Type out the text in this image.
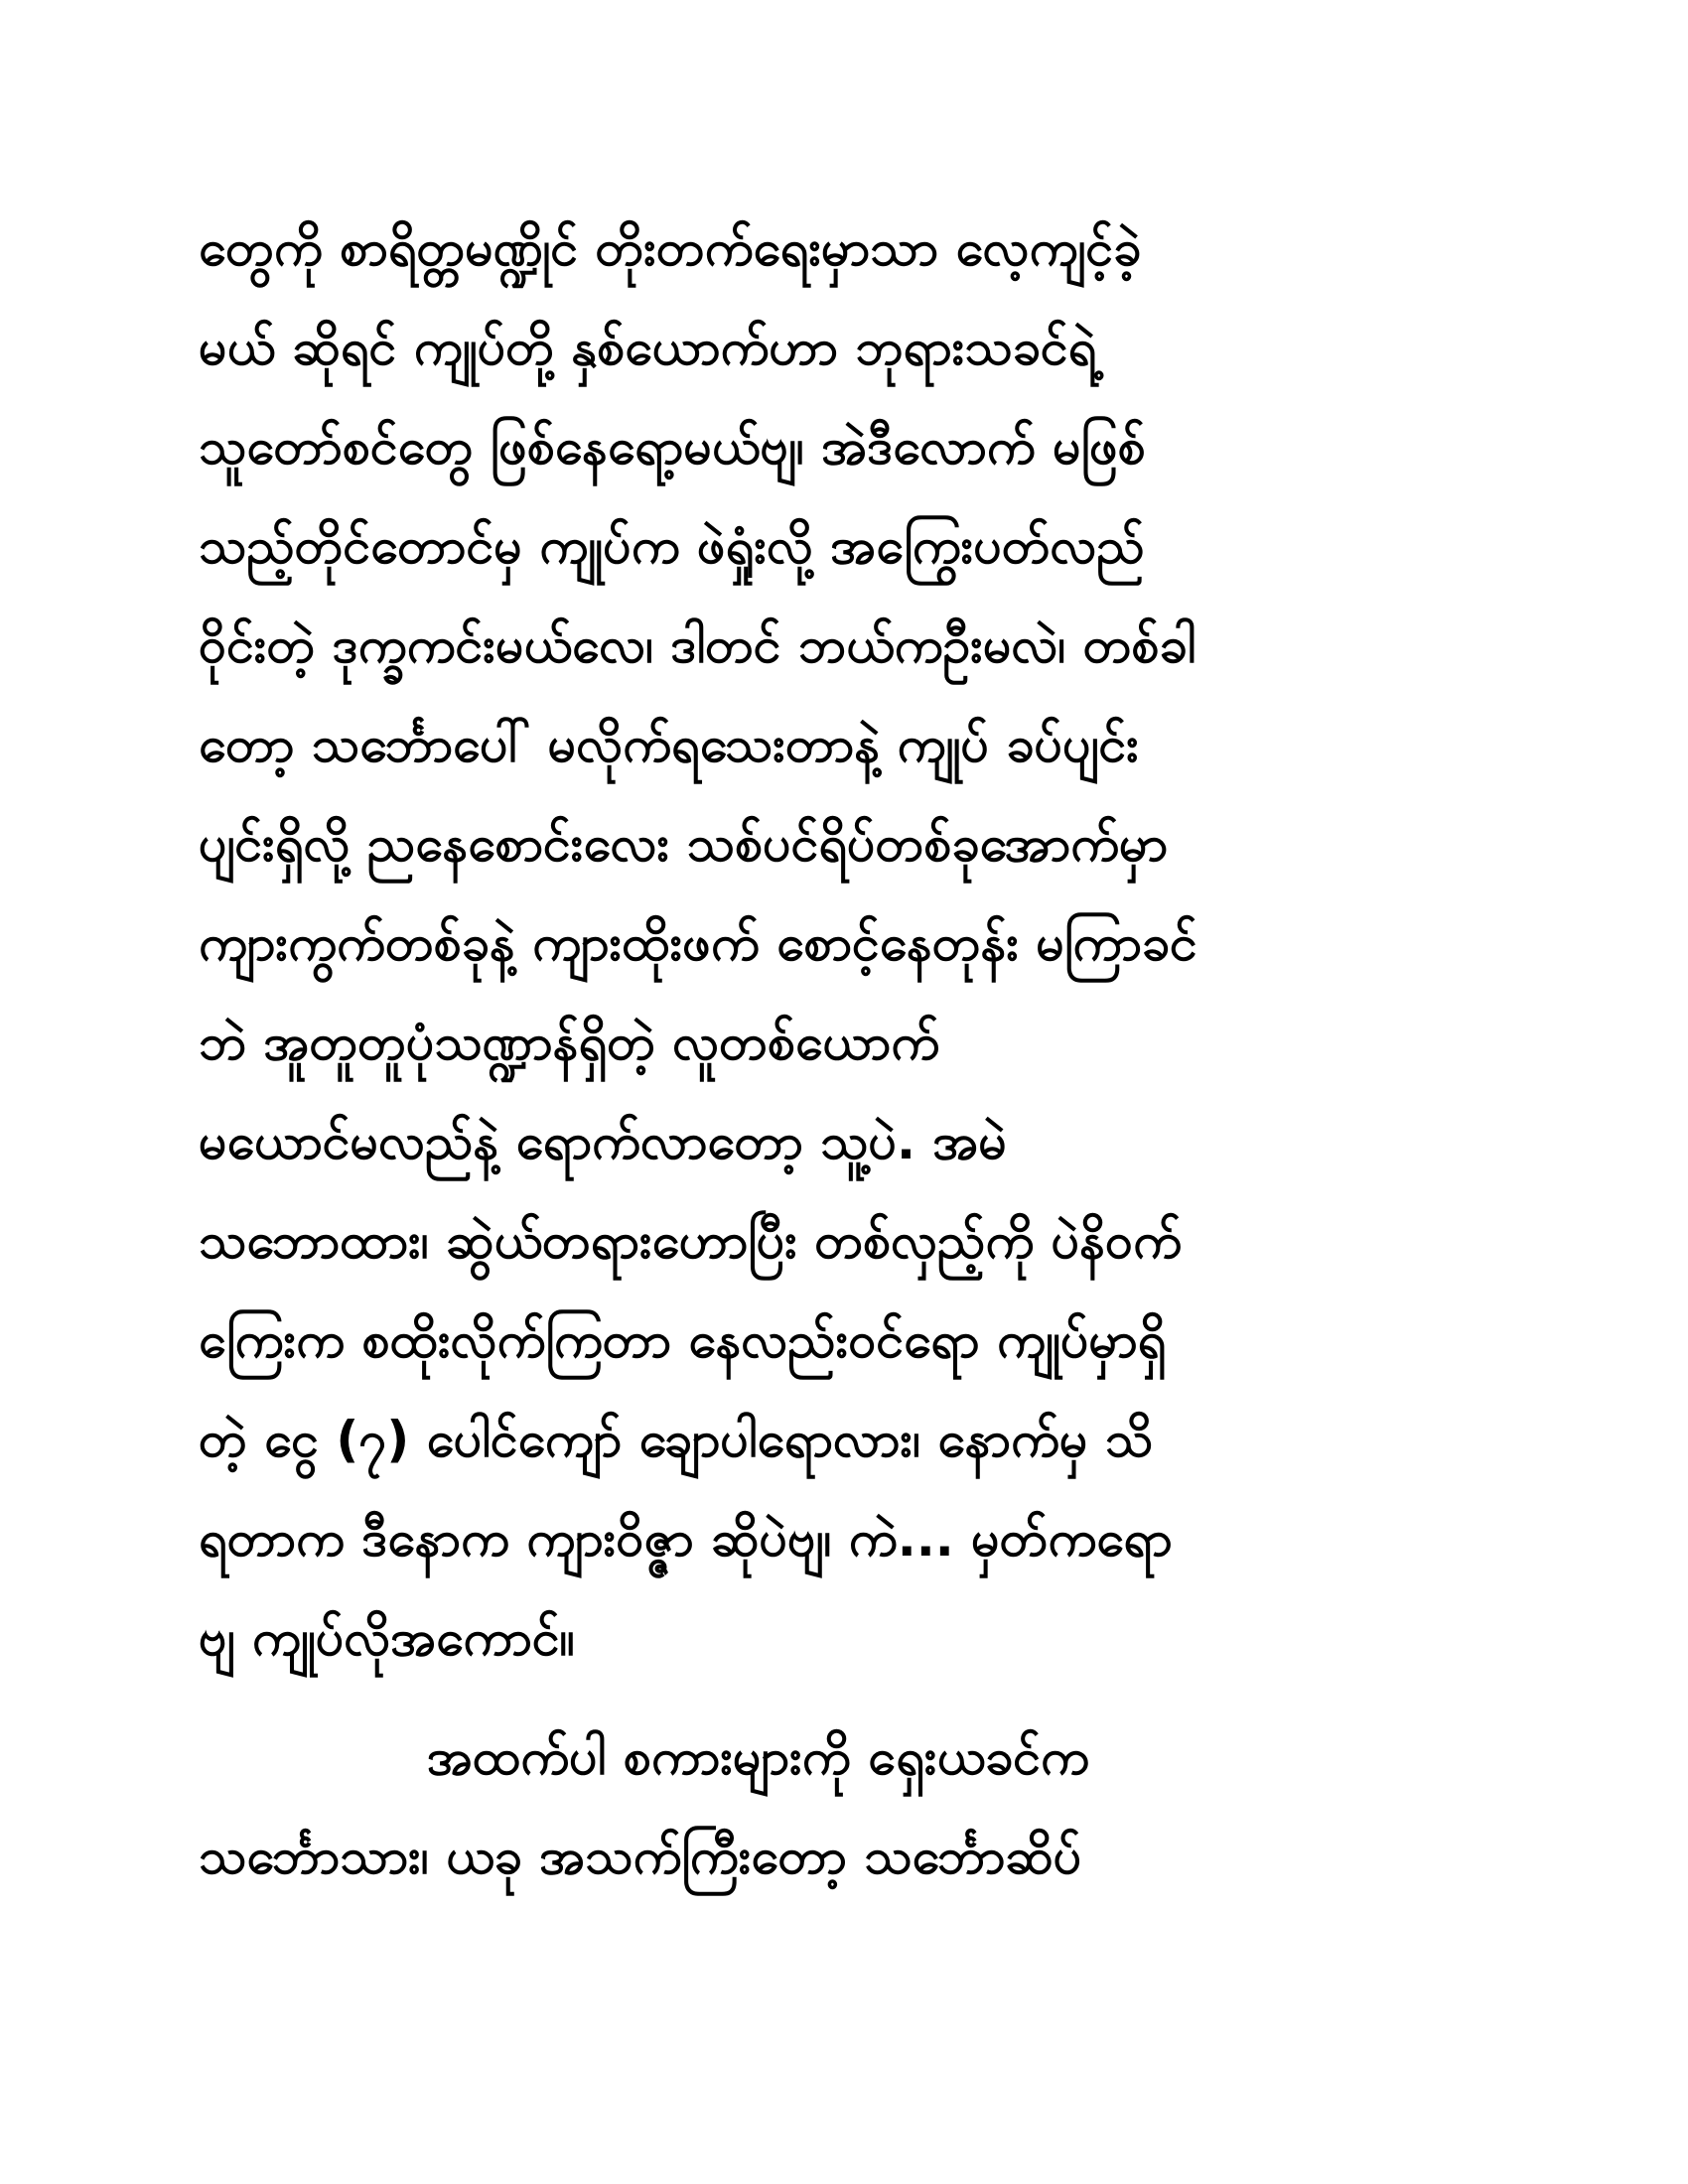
တွေကို စာရိတ္တမဏ္ဍိုင် တိုးတက်ရေးမှာသာ လေ့ကျင့်ခဲ့
မယ် ဆိုရင် ကျုပ်တို့ နှစ်ယောက်ဟာ ဘုရားသခင်ရဲ့
သူတော်စင်တွေ ဖြစ်နေရော့မယ်ဗျ၊ အဲဒီလောက် မဖြစ်
သည့်တိုင်တောင်မှ ကျုပ်က ဖဲရှုံးလို့ အကြွေးပတ်လည်
ဝိုင်းတဲ့ ဒုက္ခကင်းမယ်လေ၊ ဒါတင် ဘယ်ကဦးမလဲ၊ တစ်ခါ
တော့ သင်္ဘောပေါ် မလိုက်ရသေးတာနဲ့ ကျုပ် ခပ်ပျင်း
ပျင်းရှိလို့ ညနေစောင်းလေး သစ်ပင်ရိပ်တစ်ခုအောက်မှာ
ကျားကွက်တစ်ခုနဲ့ ကျားထိုးဖက် စောင့်နေတုန်း မကြာခင်
ဘဲ အူတူတူပုံသဏ္ဍာန်ရှိတဲ့ လူတစ်ယောက်
မယောင်မလည်နဲ့ ရောက်လာတော့ သူ့ပဲ. အမဲ
သဘောထား၊ ဆွဲယ်တရားဟောပြီး တစ်လှည့်ကို ပဲနိဝက်
ကြေးက စထိုးလိုက်ကြတာ နေလည်းဝင်ရော ကျုပ်မှာရှိ
တဲ့ ငွေ (၇) ပေါင်ကျော် ချောပါရောလား၊ နောက်မှ သိ
ရတာက ဒီနောက ကျားဝိဇ္ဇာ ဆိုပဲဗျ၊ ကဲ... မှတ်ကရော
ဗျ ကျုပ်လိုအကောင်။
အထက်ပါ စကားများကို ရှေးယခင်က
သင်္ဘောသား၊ ယခု အသက်ကြီးတော့ သင်္ဘောဆိပ်
